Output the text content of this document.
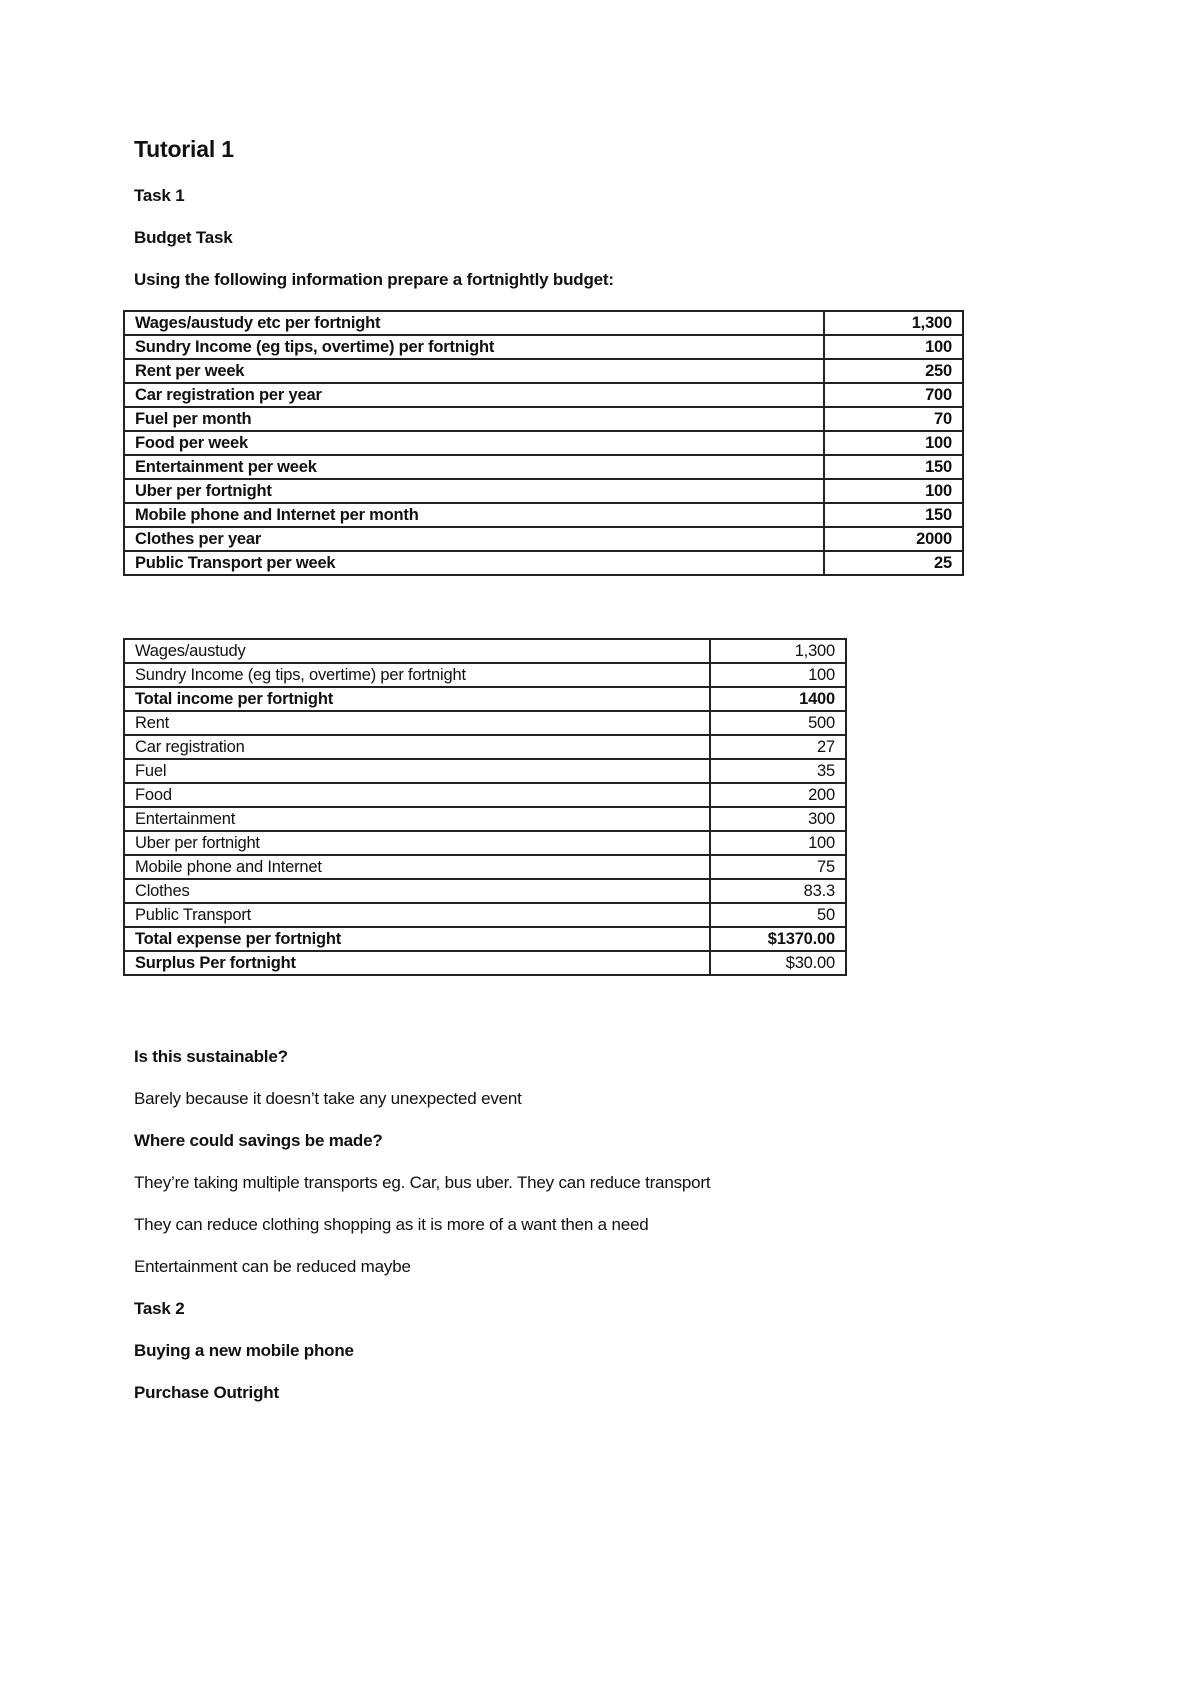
Tutorial 1
Task 1
Budget Task
Using the following information prepare a fortnightly budget:
Wages/austudy etc per fortnight	1,300
Sundry Income (eg tips, overtime) per fortnight	100
Rent per week	250
Car registration per year	700
Fuel per month	70
Food per week	100
Entertainment per week	150
Uber per fortnight	100
Mobile phone and Internet per month	150
Clothes per year	2000
Public Transport per week	25
Wages/austudy	1,300
Sundry Income (eg tips, overtime) per fortnight	100
Total income per fortnight	1400
Rent	500
Car registration	27
Fuel	35
Food	200
Entertainment	300
Uber per fortnight	100
Mobile phone and Internet	75
Clothes	83.3
Public Transport	50
Total expense per fortnight	$1370.00
Surplus Per fortnight	$30.00
Is this sustainable?
Barely because it doesn’t take any unexpected event
Where could savings be made?
They’re taking multiple transports eg. Car, bus uber. They can reduce transport
They can reduce clothing shopping as it is more of a want then a need
Entertainment can be reduced maybe
Task 2
Buying a new mobile phone
Purchase Outright
